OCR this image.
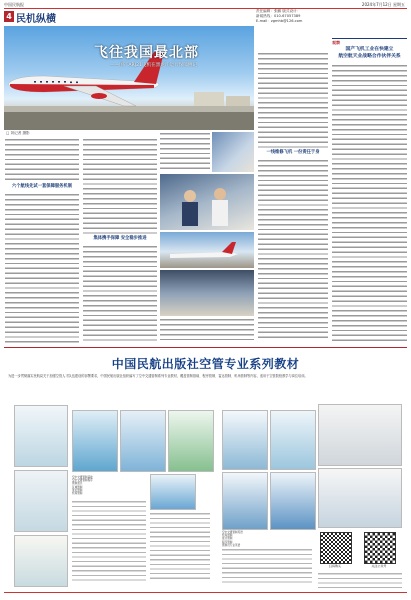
中国民航报	2024年7月12日 星期五
4 民机纵横
责任编辑：张鹏 版式设计：
新闻热线：010-67057389
E-mail：zgmhb@126.com
飞往我国最北部
——国产ARJ21飞机在黑龙江运行保障侧记
□ 刘记者 摄影
六个航线先试一套保障服务机制
集体携手保障 安全稳步推进
一线维修飞机 一份责任于身
观察
国产飞机工业在快建立
航空航天业战略合作伙伴关系
中国民航出版社空管专业系列教材
为进一步贯彻落实民航局关于加强空管人才队伍建设的部署要求，中国民航出版社组织编写了空中交通管制系列专业教材，覆盖管制基础、程序管制、雷达管制、机场管制等内容，适用于空管院校教学与岗位培训。
空中交通管制基础
空中交通管制程序
管制雷达
区域管制
进近管制
机场管制
空中交通管制英语
机场管制
雷达管制
程序管制
管制员专业英语
扫码购买	关注公众号
